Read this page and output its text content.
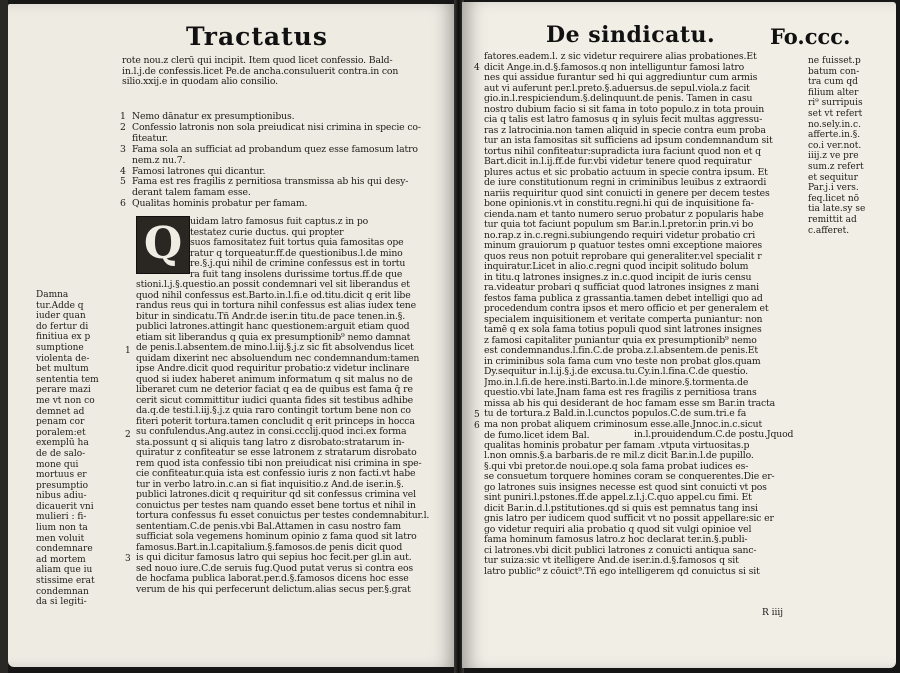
Tractatus

rote nou.z clerū qui incipit. Item quod licet confessio. Bald-

in.l.j.de confessis.licet Pe.de ancha.consuluerit contra.in con

silio.xxij.e in quodam alio consilio.

1 Nemo dānatur ex presumptionibus.

2 Confessio latronis non sola preiudicat nisi crimina in specie co-

fiteatur.

3 Fama sola an sufficiat ad probandum quez esse famosum latro

nem.z nu.7.

4 Famosi latrones qui dicantur.

5 Fama est res fragilis z pernitiosa transmissa ab his qui desy-

derant talem famam esse.

6 Qualitas hominis probatur per famam.

Q uidam latro famosus fuit captus.z in po

testatez curie ductus. qui propter

suos famositatez fuit tortus quia famositas ope

ratur q torqueatur.ff.de questionibus.l.de mino

re.§.j.qui nihil de crimine confessus est in tortu

ra fuit tang insolens durissime tortus.ff.de que

stioni.l.j.§.questio.an possit condemnari vel sit liberandus et

quod nihil confessus est.Barto.in.l.fi.e od.titu.dicit q erit libe

randus reus qui in tortura nihil confessus est alias iudex tene

bitur in sindicatu.Tñ Andr.de iser.in titu.de pace tenen.in.§.

publici latrones.attingit hanc questionem:arguit etiam quod

etiam sit liberandus q quia ex presumptionib⁹ nemo damnat

de penis.l.absentem.de mino.l.iij.§.j.z sic fit absolvendus licet

quidam dixerint nec absoluendum nec condemnandum:tamen

ipse Andre.dicit quod requiritur probatio:z videtur inclinare

quod si iudex haberet animum informatum q sit malus no de

liberaret cum ne deterior faciat q ea de quibus est fama q̄ re

cerit sicut committitur iudici quanta fides sit testibus adhibe

da.q.de testi.l.iij.§.j.z quia raro contingit tortum bene non co

fiteri poterit tortura.tamen concludit q erit princeps in hocca

su confulendus.Ang.autez in consi.ccclij.quod inci.ex forma

sta.possunt q si aliquis tang latro z disrobato:stratarum in-

quiratur z confiteatur se esse latronem z stratarum disrobato

rem quod ista confessio tibi non preiudicat nisi crimina in spe-

cie confiteatur.quia ista est confessio iuris z non facti.vt habe

tur in verbo latro.in.c.an si fiat inquisitio.z Ãnd.de iser.in.§.

publici latrones.dicit q requiritur qd sit confessus crimina vel

conuictus per testes nam quando esset bene tortus et nihil in

tortura confessus fu esset conuictus per testes condemnabitur.l.

sententiam.C.de penis.vbi Bal.Attamen in casu nostro fam

sufficiat sola vegemens hominum opinio z fama quod sit latro

famosus.Bart.in.l.capitalium.§.famosos.de penis dicit quod

is qui dicitur famosus latro qui sepius hoc fecit.per gl.in aut.

sed nouo iure.C.de seruis fug.Quod putat verus si contra eos

de hocfama publica laborat.per.d.§.famosos dicens hoc esse

verum de his qui perfecerunt delictum.alias secus per.§.grat

Damna

tur.Adde q

iuder quan

do fertur di

finitiua ex p

sumptione

violenta de-

bet multum

sententia tem

perare mazi

me vt non co

demnet ad

penam cor

poralem:et

exemplū ha

de de salo-

mone qui

mortuus er

presumptio

nibus adiu-

dicauerit vni

mulieri : fi-

lium non ta

men voluit

condemnare

ad mortem

aliam que iu

stissime erat

condemnan

da si legiti-

1

2

3

De sindicatu.	Fo.ccc.

fatores.eadem.l. z sic videtur requirere alias probationes.Et

dicit Ange.in.d.§.famosos.q non intelliguntur famosi latro

nes qui assidue furantur sed hi qui aggrediuntur cum armis

aut vi auferunt per.l.preto.§.aduersus.de sepul.viola.z facit

gio.in.l.respiciendum.§.delinquunt.de penis. Tamen in casu

nostro dubium facio si sit fama in toto populo.z in tota prouin

cia q talis est latro famosus q in syluis fecit multas aggressu-

ras z latrocinia.non tamen aliquid in specie contra eum proba

tur an ista famositas sit sufficiens ad ipsum condemnandum sit

tortus nihil confiteatur:supradicta iura faciunt quod non et q

Bart.dicit in.l.ij.ff.de fur.vbi videtur tenere quod requiratur

plures actus et sic probatio actuum in specie contra ipsum. Et

de iure constitutionum regni in criminibus leuibus z extraordi

nariis requiritur quod sint conuicti in genere per decem testes

bone opinionis.vt in constitu.regni.hi qui de inquisitione fa-

cienda.nam et tanto numero seruo probatur z popularis habe

tur quia tot faciunt populum sm Bar.in.l.pretor.in prin.vi bo

no.rap.z in.c.regni.subiungendo requiri videtur probatio cri

minum grauiorum p quatuor testes omni exceptione maiores

quos reus non potuit reprobare qui generaliter.vel specialit r

inquiratur.Licet in alio.c.regni quod incipit solitudo bolum

in titu.q latrones insignes.z in.c.quod incipit de iuris censu

ra.videatur probari q sufficiat quod latrones insignes z mani

festos fama publica z grassantia.tamen debet intelligi quo ad

procedendum contra ipsos et mero officio et per generalem et

specialem inquisitionem et veritate comperta puniantur: non

tamē q ex sola fama totius populi quod sint latrones insignes

z famosi capitaliter puniantur quia ex presumptionib⁹ nemo

est condemnandus.l.fin.C.de proba.z.l.absentem.de penis.Et

in criminibus sola fama cum vno teste non probat glos.quam

Dy.sequitur in.l.ij.§.j.de excusa.tu.Cy.in.l.fina.C.de questio.

Jmo.in.l.fi.de here.insti.Barto.in.l.de minore.§.tormenta.de

questio.vbi late.Jnam fama est res fragilis z pernitiosa trans

missa ab his qui desiderant de hoc famam esse sm Bar.in tracta

tu de tortura.z Bald.in.l.cunctos populos.C.de sum.tri.e fa

ma non probat aliquem criminosum esse.alle.Jnnoc.in.c.sicut

in.l.prouidendum.C.de postu.Jquod

qualitas hominis probatur per famam .vtputa virtuositas.p

l.non omnis.§.a barbaris.de re mil.z dicit Bar.in.l.de pupillo.

§.qui vbi pretor.de noui.ope.q sola fama probat iudices es-

se consuetum torquere homines coram se conquerentes.Die er-

go latrones suis insignes necesse est quod sint conuicti vt pos

sint puniri.l.pstones.ff.de appel.z.l.j.C.quo appel.cu fimi. Et

dicit Bar.in.d.l.pstitutiones.qd si quis est pemnatus tang insi

gnis latro per iudicem quod sufficit vt no possit appellare:sic er

go videtur requiri alia probatio q quod sit vulgi opinioe vel

fama hominum famosus latro.z hoc declarat ter.in.§.publi-

ci latrones.vbi dicit publici latrones z conuicti antiqua sanc-

tur suiza:sic vt itelligere Ãnd.de iser.in.d.§.famosos q sit

latro public⁹ z cōuict⁹.Tñ ego intelligerem qd conuictus si sit

4

5

6

de fumo.licet idem Bal.

ne fuisset.p

batum con-

tra cum qd

filium alter

ri⁹ surripuis

set vt refert

no.sely.in.c.

afferte.in.§.

co.i ver.not.

iiij.z ve pre

sum.z refert

et sequitur

Par.j.i vers.

feq.licet nō

tia late.sy se

remittit ad

c.afferet.

R iiij
